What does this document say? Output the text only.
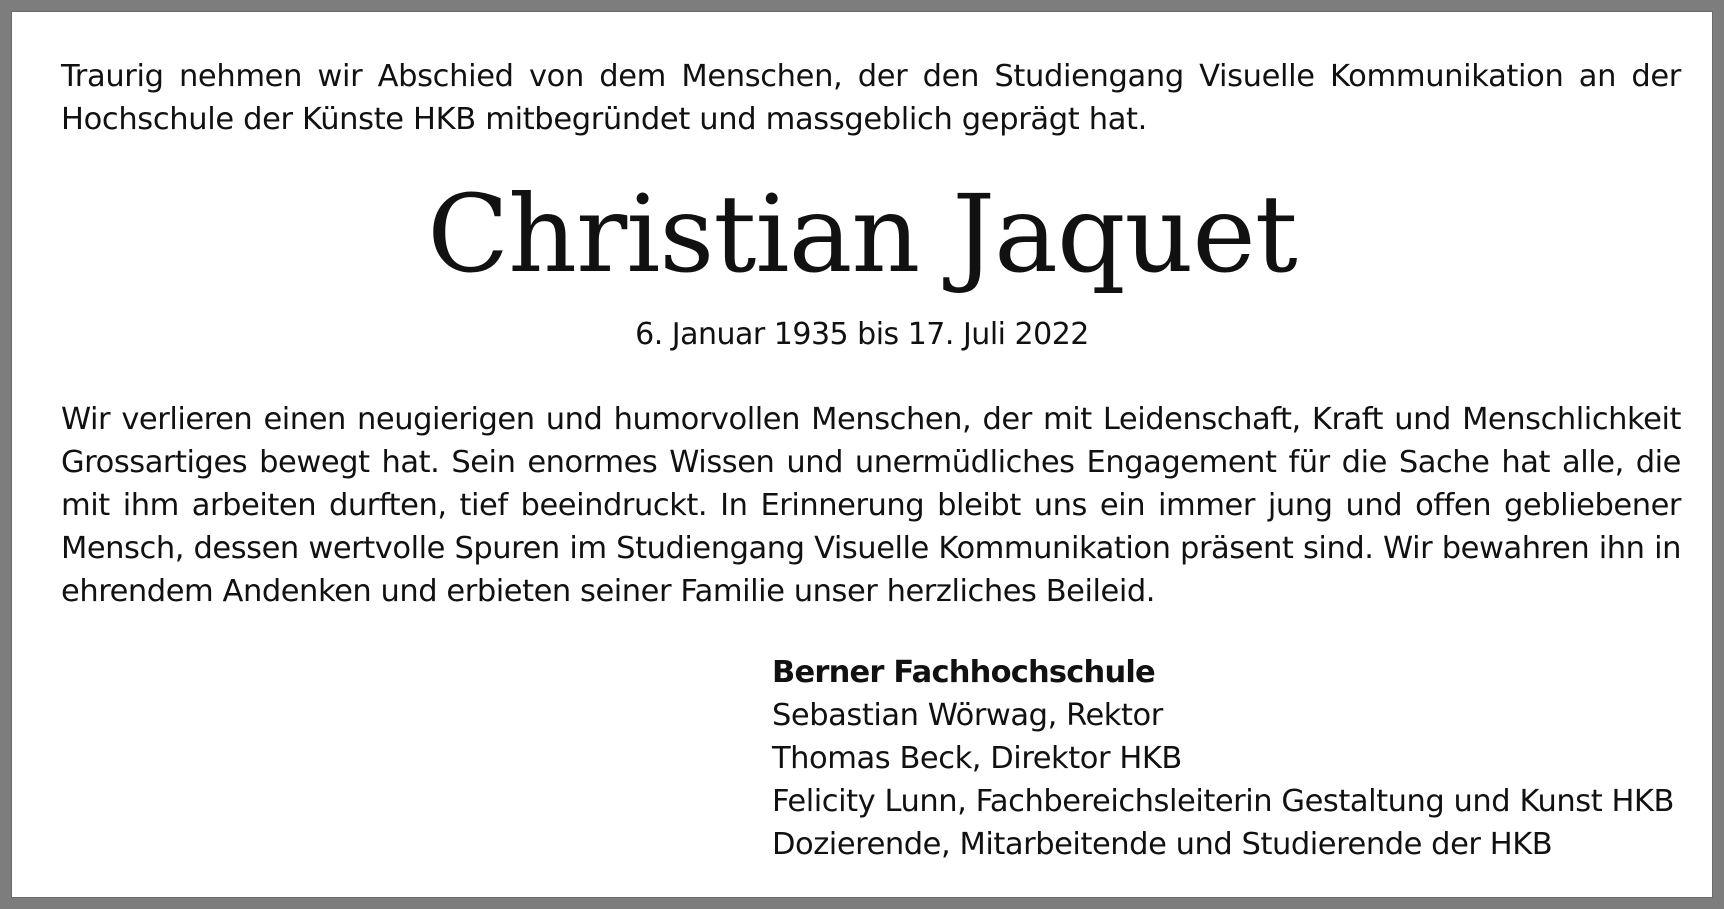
Traurig nehmen wir Abschied von dem Menschen, der den Studiengang Visuelle Kommunikation an der Hochschule der Künste HKB mitbegründet und massgeblich geprägt hat.

Christian Jaquet

6. Januar 1935 bis 17. Juli 2022

Wir verlieren einen neugierigen und humorvollen Menschen, der mit Leidenschaft, Kraft und Menschlichkeit Grossartiges bewegt hat. Sein enormes Wissen und unermüdliches Engagement für die Sache hat alle, die mit ihm arbeiten durften, tief beeindruckt. In Erinnerung bleibt uns ein immer jung und offen gebliebener Mensch, dessen wertvolle Spuren im Studiengang Visuelle Kommunikation präsent sind. Wir bewahren ihn in ehrendem Andenken und erbieten seiner Familie unser herzliches Beileid.

Berner Fachhochschule
Sebastian Wörwag, Rektor
Thomas Beck, Direktor HKB
Felicity Lunn, Fachbereichsleiterin Gestaltung und Kunst HKB
Dozierende, Mitarbeitende und Studierende der HKB
